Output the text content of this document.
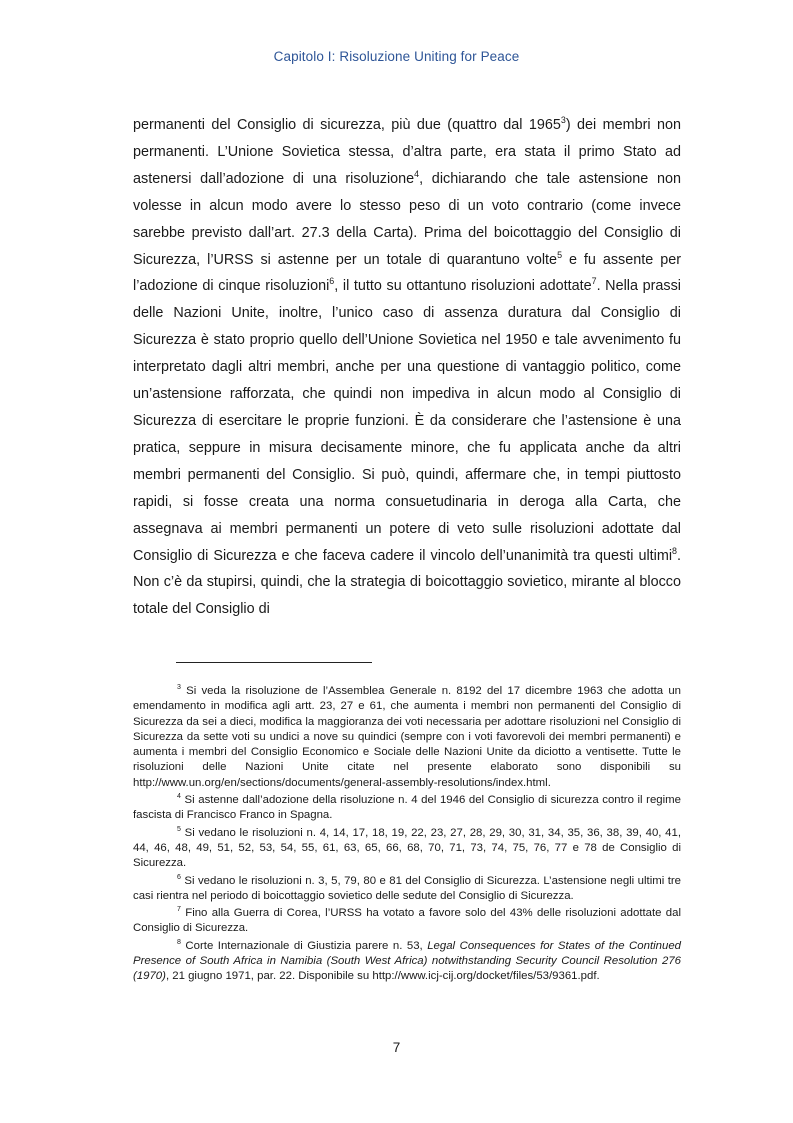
Capitolo I: Risoluzione Uniting for Peace

permanenti del Consiglio di sicurezza, più due (quattro dal 1965$^3$) dei membri non permanenti. L’Unione Sovietica stessa, d’altra parte, era stata il primo Stato ad astenersi dall’adozione di una risoluzione$^4$, dichiarando che tale astensione non volesse in alcun modo avere lo stesso peso di un voto contrario (come invece sarebbe previsto dall’art. 27.3 della Carta). Prima del boicottaggio del Consiglio di Sicurezza, l’URSS si astenne per un totale di quarantuno volte$^5$ e fu assente per l’adozione di cinque risoluzioni$^6$, il tutto su ottantuno risoluzioni adottate$^7$. Nella prassi delle Nazioni Unite, inoltre, l’unico caso di assenza duratura dal Consiglio di Sicurezza è stato proprio quello dell’Unione Sovietica nel 1950 e tale avvenimento fu interpretato dagli altri membri, anche per una questione di vantaggio politico, come un’astensione rafforzata, che quindi non impediva in alcun modo al Consiglio di Sicurezza di esercitare le proprie funzioni. È da considerare che l’astensione è una pratica, seppure in misura decisamente minore, che fu applicata anche da altri membri permanenti del Consiglio. Si può, quindi, affermare che, in tempi piuttosto rapidi, si fosse creata una norma consuetudinaria in deroga alla Carta, che assegnava ai membri permanenti un potere di veto sulle risoluzioni adottate dal Consiglio di Sicurezza e che faceva cadere il vincolo dell’unanimità tra questi ultimi$^8$. Non c’è da stupirsi, quindi, che la strategia di boicottaggio sovietico, mirante al blocco totale del Consiglio di

$^3$ Si veda la risoluzione de l’Assemblea Generale n. 8192 del 17 dicembre 1963 che adotta un emendamento in modifica agli artt. 23, 27 e 61, che aumenta i membri non permanenti del Consiglio di Sicurezza da sei a dieci, modifica la maggioranza dei voti necessaria per adottare risoluzioni nel Consiglio di Sicurezza da sette voti su undici a nove su quindici (sempre con i voti favorevoli dei membri permanenti) e aumenta i membri del Consiglio Economico e Sociale delle Nazioni Unite da diciotto a ventisette. Tutte le risoluzioni delle Nazioni Unite citate nel presente elaborato sono disponibili su http://www.un.org/en/sections/documents/general-assembly-resolutions/index.html.

$^4$ Si astenne dall’adozione della risoluzione n. 4 del 1946 del Consiglio di sicurezza contro il regime fascista di Francisco Franco in Spagna.

$^5$ Si vedano le risoluzioni n. 4, 14, 17, 18, 19, 22, 23, 27, 28, 29, 30, 31, 34, 35, 36, 38, 39, 40, 41, 44, 46, 48, 49, 51, 52, 53, 54, 55, 61, 63, 65, 66, 68, 70, 71, 73, 74, 75, 76, 77 e 78 de Consiglio di Sicurezza.

$^6$ Si vedano le risoluzioni n. 3, 5, 79, 80 e 81 del Consiglio di Sicurezza. L’astensione negli ultimi tre casi rientra nel periodo di boicottaggio sovietico delle sedute del Consiglio di Sicurezza.

$^7$ Fino alla Guerra di Corea, l’URSS ha votato a favore solo del 43% delle risoluzioni adottate dal Consiglio di Sicurezza.

$^8$ Corte Internazionale di Giustizia parere n. 53, Legal Consequences for States of the Continued Presence of South Africa in Namibia (South West Africa) notwithstanding Security Council Resolution 276 (1970), 21 giugno 1971, par. 22. Disponibile su http://www.icj-cij.org/docket/files/53/9361.pdf.

7
